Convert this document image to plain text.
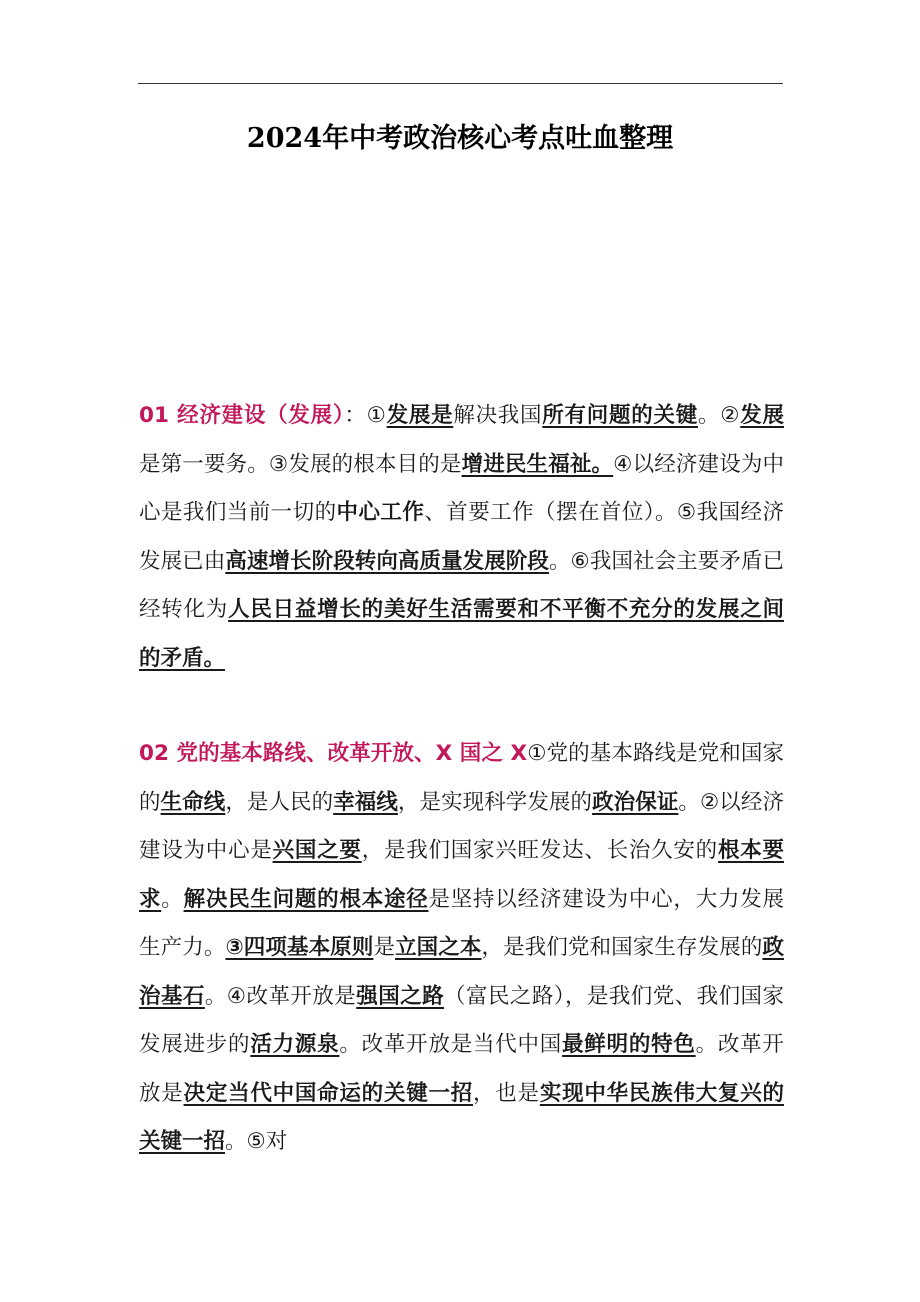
2024年中考政治核心考点吐血整理

01 经济建设（发展）：①发展是解决我国所有问题的关键。②发展是第一要务。③发展的根本目的是增进民生福祉。④以经济建设为中心是我们当前一切的中心工作、首要工作（摆在首位）。⑤我国经济发展已由高速增长阶段转向高质量发展阶段。⑥我国社会主要矛盾已经转化为人民日益增长的美好生活需要和不平衡不充分的发展之间的矛盾。

02 党的基本路线、改革开放、X 国之 X①党的基本路线是党和国家的生命线，是人民的幸福线，是实现科学发展的政治保证。②以经济建设为中心是兴国之要，是我们国家兴旺发达、长治久安的根本要求。解决民生问题的根本途径是坚持以经济建设为中心，大力发展生产力。③四项基本原则是立国之本，是我们党和国家生存发展的政治基石。④改革开放是强国之路（富民之路），是我们党、我们国家发展进步的活力源泉。改革开放是当代中国最鲜明的特色。改革开放是决定当代中国命运的关键一招，也是实现中华民族伟大复兴的关键一招。⑤对
